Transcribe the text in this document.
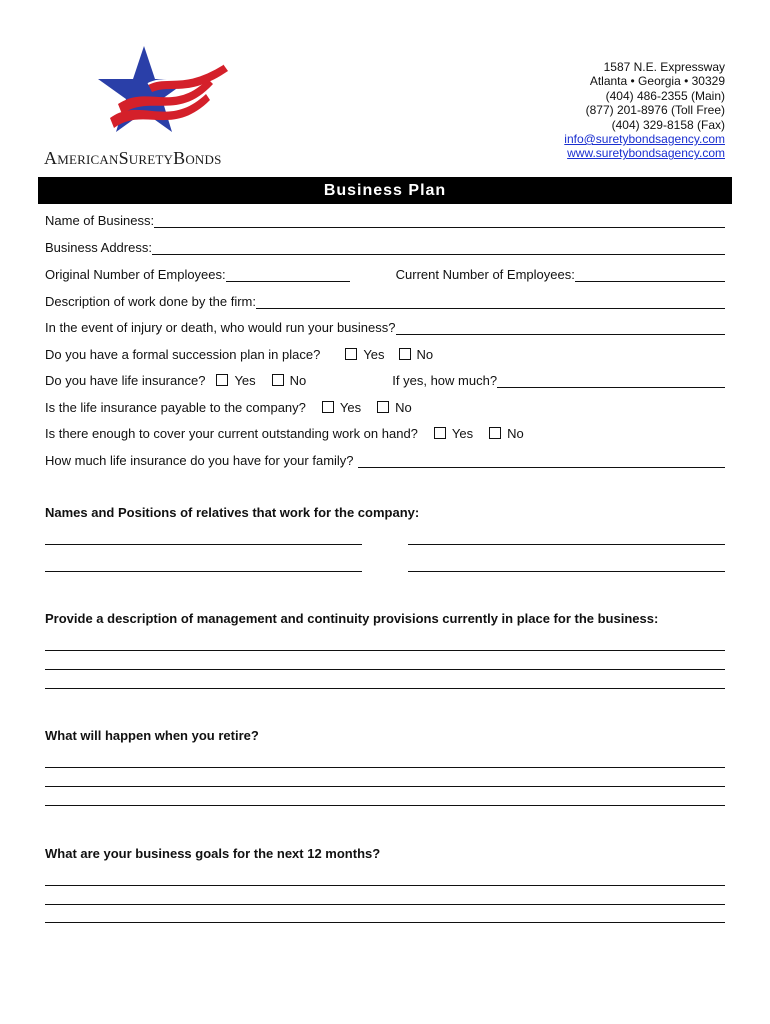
AMERICANSURETYBONDS
1587 N.E. Expressway
Atlanta • Georgia • 30329
(404) 486-2355 (Main)
(877) 201-8976 (Toll Free)
(404) 329-8158 (Fax)
info@suretybondsagency.com
www.suretybondsagency.com
Business Plan
Name of Business:
Business Address:
Original Number of Employees:	Current Number of Employees:
Description of work done by the firm:
In the event of injury or death, who would run your business?
Do you have a formal succession plan in place?	Yes No
Do you have life insurance? Yes	No	If yes, how much?
Is the life insurance payable to the company?	Yes	No
Is there enough to cover your current outstanding work on hand?	Yes	No
How much life insurance do you have for your family?
Names and Positions of relatives that work for the company:
Provide a description of management and continuity provisions currently in place for the business:
What will happen when you retire?
What are your business goals for the next 12 months?
